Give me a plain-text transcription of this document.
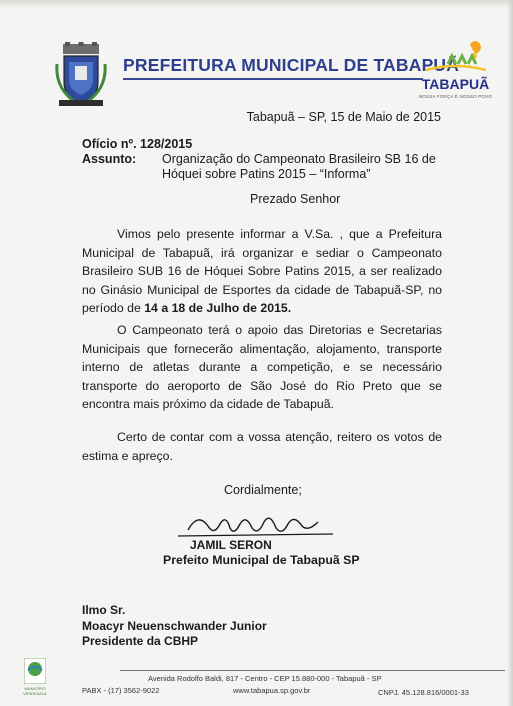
PREFEITURA MUNICIPAL DE TABAPUÃ
TABAPUÃ
NOSSA FORÇA É NOSSO POVO
Tabapuã – SP, 15 de Maio de 2015
Ofício nº. 128/2015
Assunto: Organização do Campeonato Brasileiro SB 16 de Hóquei sobre Patins 2015 – “Informa”
Prezado Senhor
Vimos pelo presente informar a V.Sa. , que a Prefeitura Municipal de Tabapuã, irá organizar e sediar o Campeonato Brasileiro SUB 16 de Hóquei Sobre Patins 2015, a ser realizado no Ginásio Municipal de Esportes da cidade de Tabapuã-SP, no período de 14 a 18 de Julho de 2015.
O Campeonato terá o apoio das Diretorias e Secretarias Municipais que fornecerão alimentação, alojamento, transporte interno de atletas durante a competição, e se necessário transporte do aeroporto de São José do Rio Preto que se encontra mais próximo da cidade de Tabapuã.
Certo de contar com a vossa atenção, reitero os votos de estima e apreço.
Cordialmente;
JAMIL SERON
Prefeito Municipal de Tabapuã SP
Ilmo Sr.
Moacyr Neuenschwander Junior
Presidente da CBHP
MUNICÍPIO VERDEAZUL
Avenida Rodolfo Baldi, 817 - Centro - CEP 15.880-000 - Tabapuã - SP
PABX - (17) 3562-9022	www.tabapua.sp.gov.br	CNPJ. 45.128.816/0001-33
